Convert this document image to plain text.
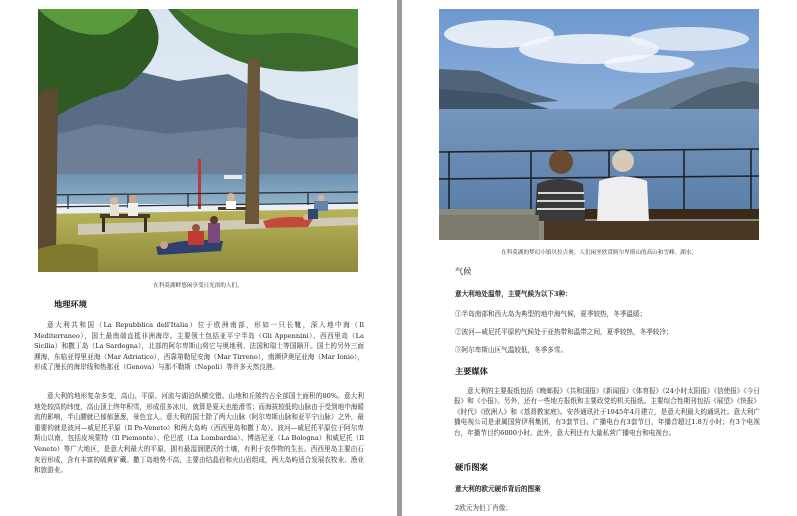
在科莫湖畔悠闲享受日光浴的人们。
地理环境

意大利共和国（La Repubblica dell'Italia）位于欧洲南部，形如一只长靴，深入地中海（Il Mediterraneo），国土最南端直抵非洲海岸。主要领土包括亚平宁半岛（Gli Appennini）、西西里岛（La Sicilia）和撒丁岛（La Sardegna），北部的阿尔卑斯山将它与奥地利、法国和瑞士等国隔开。国土的另外三面濒海，东临亚得里亚海（Mar Adriatico），西靠第勒尼安海（Mar Tirreno），南濒伊奥尼亚海（Mar Ionio），形成了漫长的海岸线和热那亚（Genova）与那不勒斯（Napoli）等许多天然良港。

意大利的地形复杂多变，高山、平原、河流与湖泊纵横交错。山地和丘陵约占全部国土面积的80%。意大利地处较高的纬度，高山顶上终年积雪，形成很多冰川，就算是夏天也能滑雪；而海拔较低的山脉由于受到地中海暖流的影响，半山腰就已郁郁葱葱，景色宜人。意大利的国土除了两大山脉（阿尔卑斯山脉和亚平宁山脉）之外，最重要的就是波河—威尼托平原（Il Po-Veneto）和两大岛屿（西西里岛和撒丁岛）。波河—威尼托平原位于阿尔卑斯山以南，包括皮埃蒙特（Il Piemonte）、伦巴底（La Lombardia）、博洛尼亚（La Bologna）和威尼托（Il Veneto）等广大地区，是意大利最大的平原，拥有最湿润肥沃的土壤，有利于农作物的生长。西西里岛主要由石灰岩形成，含有丰富的硫黄矿藏。撒丁岛地势不高，主要由结晶岩和火山岩组成，两大岛屿适合发展农牧业、渔业和旅游业。

在科莫湖的梦幻小镇贝拉吉奥，人们闲坐欣赏阿尔卑斯山的高山和雪峰、湖水。
气候
意大利地处温带，主要气候为以下3种：
①半岛南部和西大岛为典型的地中海气候，夏季较热，冬季温暖；
②波河—威尼托平原的气候处于亚热带和温带之间，夏季较热，冬季较冷；
③阿尔卑斯山区气温较低，冬季多雪。
主要媒体

意大利的主要报纸包括《晚邮报》《共和国报》《新闻报》《体育报》《24小时太阳报》《信使报》《今日报》和《小报》。另外，还有一些地方报纸和主要政党的机关报纸。主要综合性期刊包括《展望》《快报》《时代》《欧洲人》和《基督教家庭》。安莎通讯社于1945年4月建立，是意大利最大的通讯社。意大利广播电视公司是隶属国营伊利集团，有3套节目。广播电台有3套节目，年播音超过1.8万小时；有3个电视台，年播节目约6000小时。此外，意大利还有大量私营广播电台和电视台。

硬币图案
意大利的欧元硬币背后的图案
2欧元为但丁肖像；
